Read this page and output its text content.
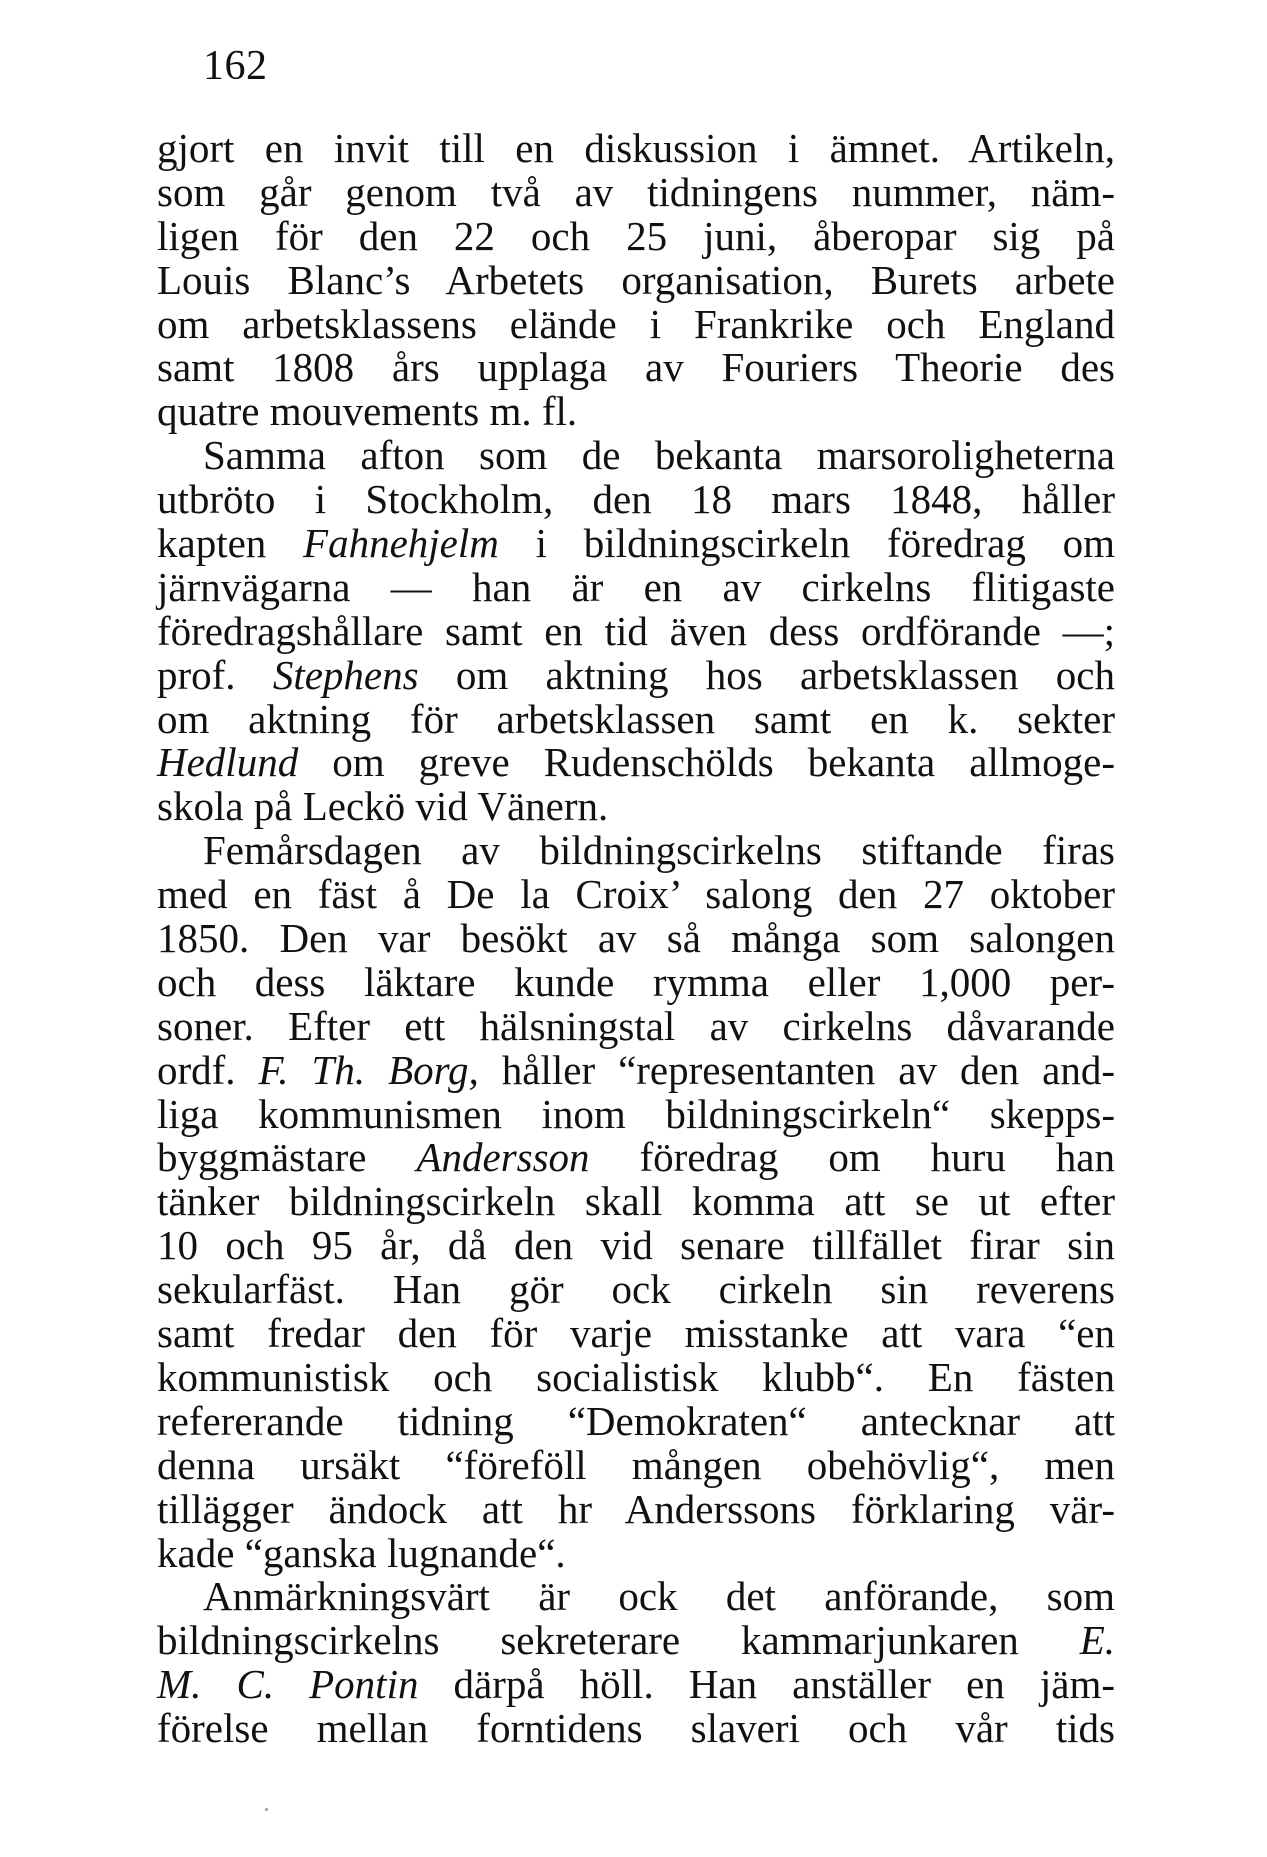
162
gjort en invit till en diskussion i ämnet. Artikeln,
som går genom två av tidningens nummer, näm-
ligen för den 22 och 25 juni, åberopar sig på
Louis Blanc’s Arbetets organisation, Burets arbete
om arbetsklassens elände i Frankrike och England
samt 1808 års upplaga av Fouriers Theorie des
quatre mouvements m. fl.
Samma afton som de bekanta marsoroligheterna
utbröto i Stockholm, den 18 mars 1848, håller
kapten Fahnehjelm i bildningscirkeln föredrag om
järnvägarna — han är en av cirkelns flitigaste
föredragshållare samt en tid även dess ordförande —;
prof. Stephens om aktning hos arbetsklassen och
om aktning för arbetsklassen samt en k. sekter
Hedlund om greve Rudenschölds bekanta allmoge-
skola på Leckö vid Vänern.
Femårsdagen av bildningscirkelns stiftande firas
med en fäst å De la Croix’ salong den 27 oktober
1850. Den var besökt av så många som salongen
och dess läktare kunde rymma eller 1,000 per-
soner. Efter ett hälsningstal av cirkelns dåvarande
ordf. F. Th. Borg, håller “representanten av den and-
liga kommunismen inom bildningscirkeln“ skepps-
byggmästare Andersson föredrag om huru han
tänker bildningscirkeln skall komma att se ut efter
10 och 95 år, då den vid senare tillfället firar sin
sekularfäst. Han gör ock cirkeln sin reverens
samt fredar den för varje misstanke att vara “en
kommunistisk och socialistisk klubb“. En fästen
refererande tidning “Demokraten“ antecknar att
denna ursäkt “föreföll mången obehövlig“, men
tillägger ändock att hr Anderssons förklaring vär-
kade “ganska lugnande“.
Anmärkningsvärt är ock det anförande, som
bildningscirkelns sekreterare kammarjunkaren E.
M. C. Pontin därpå höll. Han anställer en jäm-
förelse mellan forntidens slaveri och vår tids
